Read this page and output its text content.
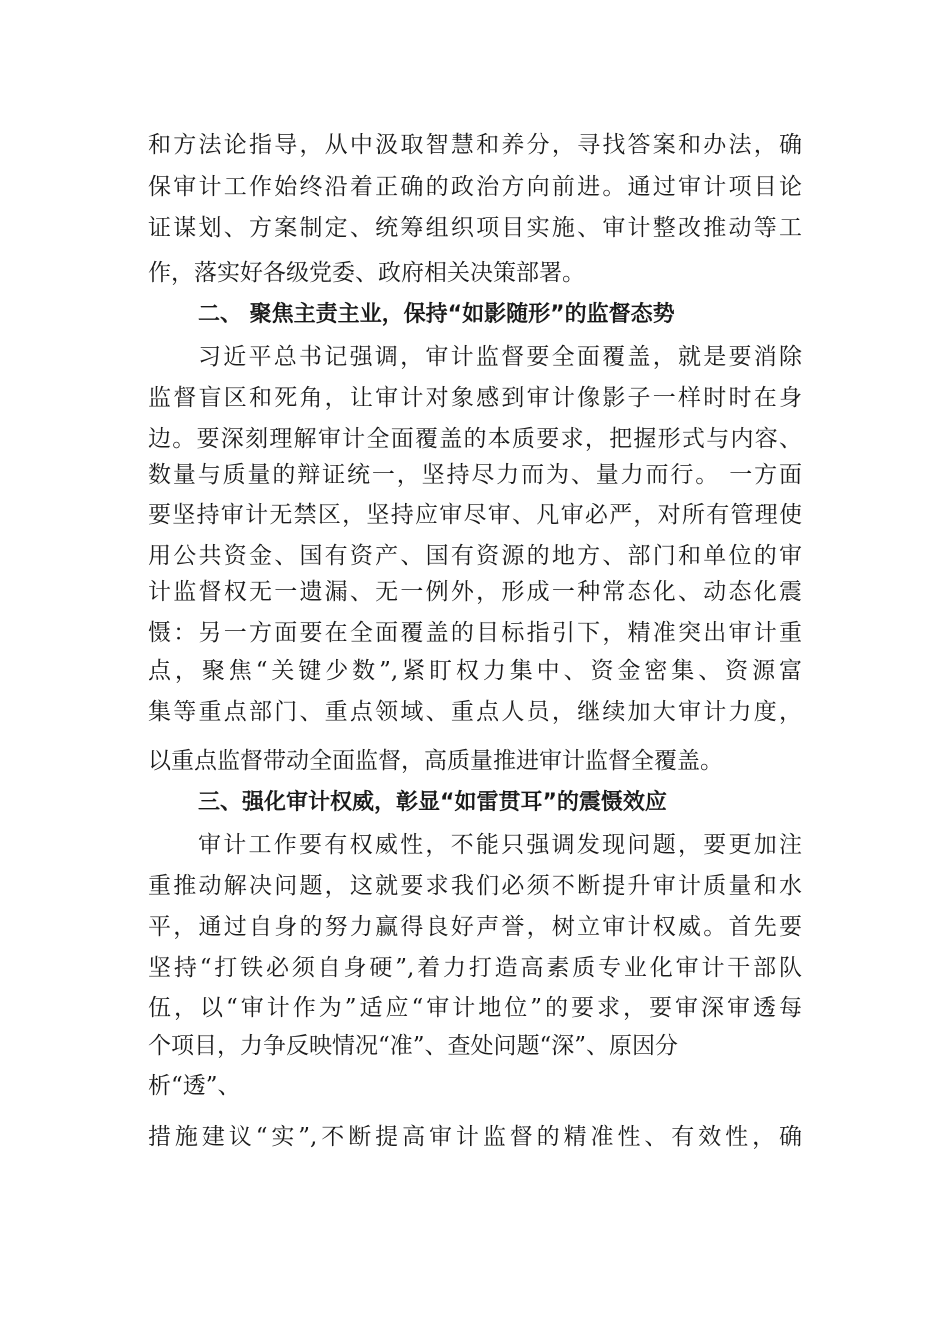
和方法论指导，从中汲取智慧和养分，寻找答案和办法，确
保审计工作始终沿着正确的政治方向前进。通过审计项目论
证谋划、方案制定、统筹组织项目实施、审计整改推动等工
作，落实好各级党委、政府相关决策部署。
二、 聚焦主责主业，保持“如影随形”的监督态势
习近平总书记强调，审计监督要全面覆盖，就是要消除
监督盲区和死角，让审计对象感到审计像影子一样时时在身
边。要深刻理解审计全面覆盖的本质要求，把握形式与内容、
数量与质量的辩证统一，坚持尽力而为、量力而行。 一方面
要坚持审计无禁区，坚持应审尽审、凡审必严，对所有管理使
用公共资金、国有资产、国有资源的地方、部门和单位的审
计监督权无一遗漏、无一例外，形成一种常态化、动态化震
慑：另一方面要在全面覆盖的目标指引下，精准突出审计重
点，聚焦“关键少数”,紧盯权力集中、资金密集、资源富
集等重点部门、重点领域、重点人员，继续加大审计力度，
以重点监督带动全面监督，高质量推进审计监督全覆盖。
三、强化审计权威，彰显“如雷贯耳”的震慑效应
审计工作要有权威性，不能只强调发现问题，要更加注
重推动解决问题，这就要求我们必须不断提升审计质量和水
平，通过自身的努力赢得良好声誉，树立审计权威。首先要
坚持“打铁必须自身硬”,着力打造高素质专业化审计干部队
伍，以“审计作为”适应“审计地位”的要求，要审深审透每
个项目，力争反映情况“准”、查处问题“深”、原因分
析“透”、
措施建议“实”,不断提高审计监督的精准性、有效性，确
